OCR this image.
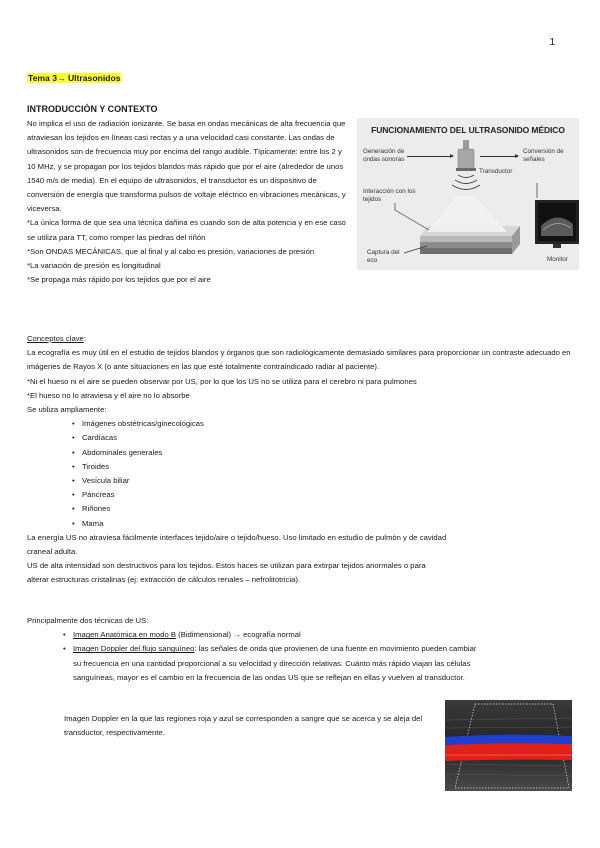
1
Tema 3→ Ultrasonidos
INTRODUCCIÓN Y CONTEXTO

No implica el uso de radiación ionizante. Se basa en ondas mecánicas de alta frecuencia que atraviesan los tejidos en líneas casi rectas y a una velocidad casi constante. Las ondas de ultrasonidos son de frecuencia muy por encima del rango audible. Típicamente: entre los 2 y 10 MHz, y se propagan por los tejidos blandos más rápido que por el aire (alrededor de unos 1540 m/s de media). En el equipo de ultrasonidos, el transductor es un dispositivo de conversión de energía que transforma pulsos de voltaje eléctrico en vibraciones mecánicas, y viceversa.

*La única forma de que sea una técnica dañina es cuando son de alta potencia y en ese caso se utiliza para TT, como romper las piedras del riñón

*Son ONDAS MECÁNICAS, que al final y al cabo es presión, variaciones de presión

*La variación de presión es longitudinal

*Se propaga más rápido por los tejidos que por el aire

FUNCIONAMIENTO DEL ULTRASONIDO MÉDICO
Generación de ondas sonoras
Transductor
Conversión de señales
Interacción con los tejidos
Captura del eco	Monitor

Conceptos clave:

La ecografía es muy útil en el estudio de tejidos blandos y órganos que son radiológicamente demasiado similares para proporcionar un contraste adecuado en imágenes de Rayos X (o ante situaciones en las que esté totalmente contraindicado radiar al paciente).

*Ni el hueso ni el aire se pueden observar por US, por lo que los US no se utiliza para el cerebro ni para pulmones

*El hueso no lo atraviesa y el aire no lo absorbe

Se utiliza ampliamente:

• Imágenes obstétricas/ginecológicas
• Cardíacas
• Abdominales generales
• Tiroides
• Vesícula biliar
• Páncreas
• Riñones
• Mama

La energía US no atraviesa fácilmente interfaces tejido/aire o tejido/hueso. Uso limitado en estudio de pulmón y de cavidad craneal adulta.

US de alta intensidad son destructivos para los tejidos. Estos haces se utilizan para extirpar tejidos anormales o para alterar estructuras cristalinas (ej: extracción de cálculos renales – nefrolitotricia).

Principalmente dos técnicas de US:

• Imagen Anatómica en modo B (Bidimensional) → ecografía normal
• Imagen Doppler del flujo sanguíneo: las señales de onda que provienen de una fuente en movimiento pueden cambiar su frecuencia en una cantidad proporcional a su velocidad y dirección relativas. Cuánto más rápido viajan las células sanguíneas, mayor es el cambio en la frecuencia de las ondas US que se reflejan en ellas y vuelven al transductor.
Imagen Doppler en la que las regiones roja y azul se corresponden a sangre que se acerca y se aleja del transductor, respectivamente.
